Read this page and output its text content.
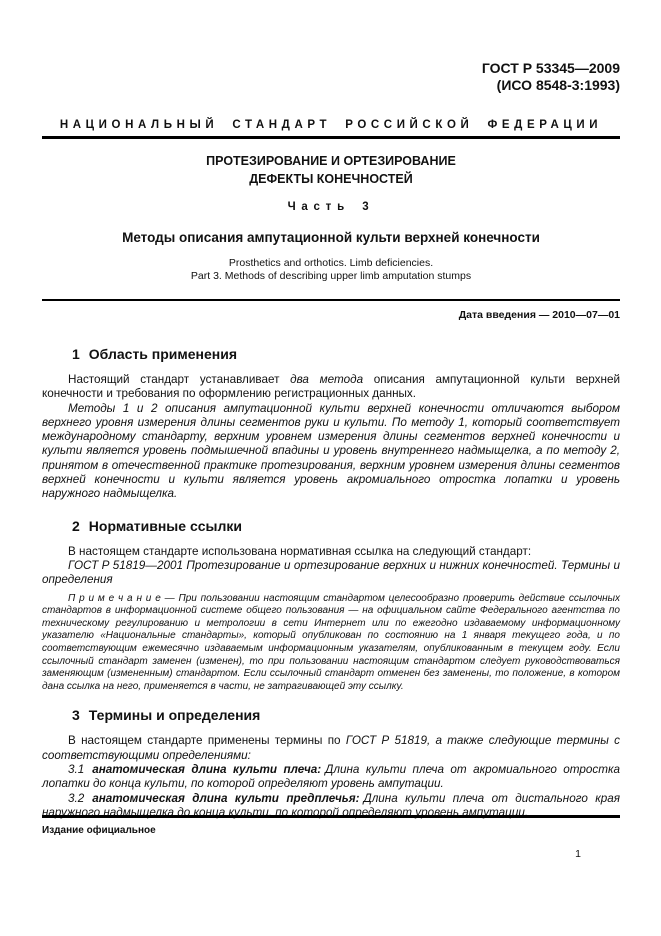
ГОСТ Р 53345—2009
(ИСО 8548-3:1993)
НАЦИОНАЛЬНЫЙ СТАНДАРТ РОССИЙСКОЙ ФЕДЕРАЦИИ
ПРОТЕЗИРОВАНИЕ И ОРТЕЗИРОВАНИЕ
ДЕФЕКТЫ КОНЕЧНОСТЕЙ
Часть 3
Методы описания ампутационной культи верхней конечности
Prosthetics and orthotics. Limb deficiencies.
Part 3. Methods of describing upper limb amputation stumps
Дата введения — 2010—07—01
1 Область применения

Настоящий стандарт устанавливает два метода описания ампутационной культи верхней конечности и требования по оформлению регистрационных данных.

Методы 1 и 2 описания ампутационной культи верхней конечности отличаются выбором верхнего уровня измерения длины сегментов руки и культи. По методу 1, который соответствует международному стандарту, верхним уровнем измерения длины сегментов верхней конечности и культи является уровень подмышечной впадины и уровень внутреннего надмыщелка, а по методу 2, принятом в отечественной практике протезирования, верхним уровнем измерения длины сегментов верхней конечности и культи является уровень акромиального отростка лопатки и уровень наружного надмыщелка.

2 Нормативные ссылки

В настоящем стандарте использована нормативная ссылка на следующий стандарт:

ГОСТ Р 51819—2001 Протезирование и ортезирование верхних и нижних конечностей. Термины и определения

П р и м е ч а н и е — При пользовании настоящим стандартом целесообразно проверить действие ссылочных стандартов в информационной системе общего пользования — на официальном сайте Федерального агентства по техническому регулированию и метрологии в сети Интернет или по ежегодно издаваемому информационному указателю «Национальные стандарты», который опубликован по состоянию на 1 января текущего года, и по соответствующим ежемесячно издаваемым информационным указателям, опубликованным в текущем году. Если ссылочный стандарт заменен (изменен), то при пользовании настоящим стандартом следует руководствоваться заменяющим (измененным) стандартом. Если ссылочный стандарт отменен без заменены, то положение, в котором дана ссылка на него, применяется в части, не затрагивающей эту ссылку.

3 Термины и определения

В настоящем стандарте применены термины по ГОСТ Р 51819, а также следующие термины с соответствующими определениями:

3.1 анатомическая длина культи плеча: Длина культи плеча от акромиального отростка лопатки до конца культи, по которой определяют уровень ампутации.

3.2 анатомическая длина культи предплечья: Длина культи плеча от дистального края наружного надмыщелка до конца культи, по которой определяют уровень ампутации.

Издание официальное
1
